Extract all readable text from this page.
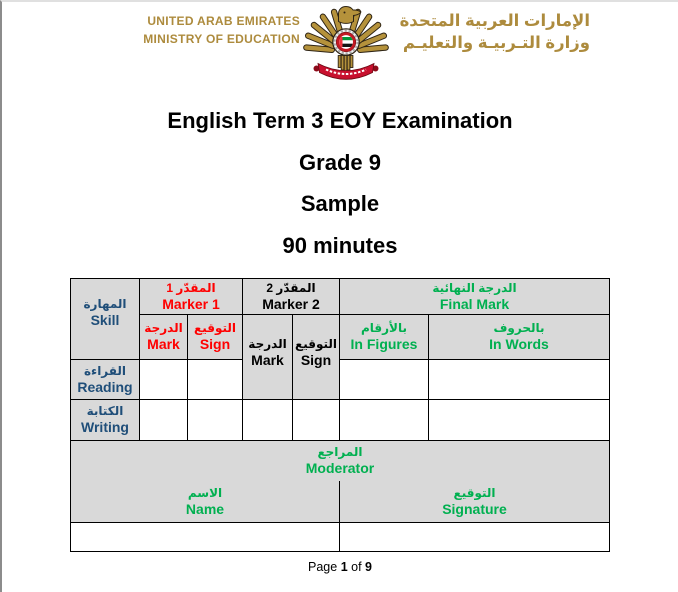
UNITED ARAB EMIRATES
MINISTRY OF EDUCATION
الإمارات العربية المتحدة
وزارة التـربيـة والتعليـم
English Term 3 EOY Examination
Grade 9
Sample
90 minutes
المهارة
Skill
المقدّر 1
Marker 1
المقدّر 2
Marker 2
الدرجة النهائية
Final Mark
الدرجة
Mark
التوقيع
Sign الدرجة
Mark
التوقيع
Sign
بالأرقام
In Figures
بالحروف
In Words
القراءة
Reading
الكتابة
Writing
المراجع
Moderator
الاسم
Name
التوقيع
Signature
Page 1 of 9
